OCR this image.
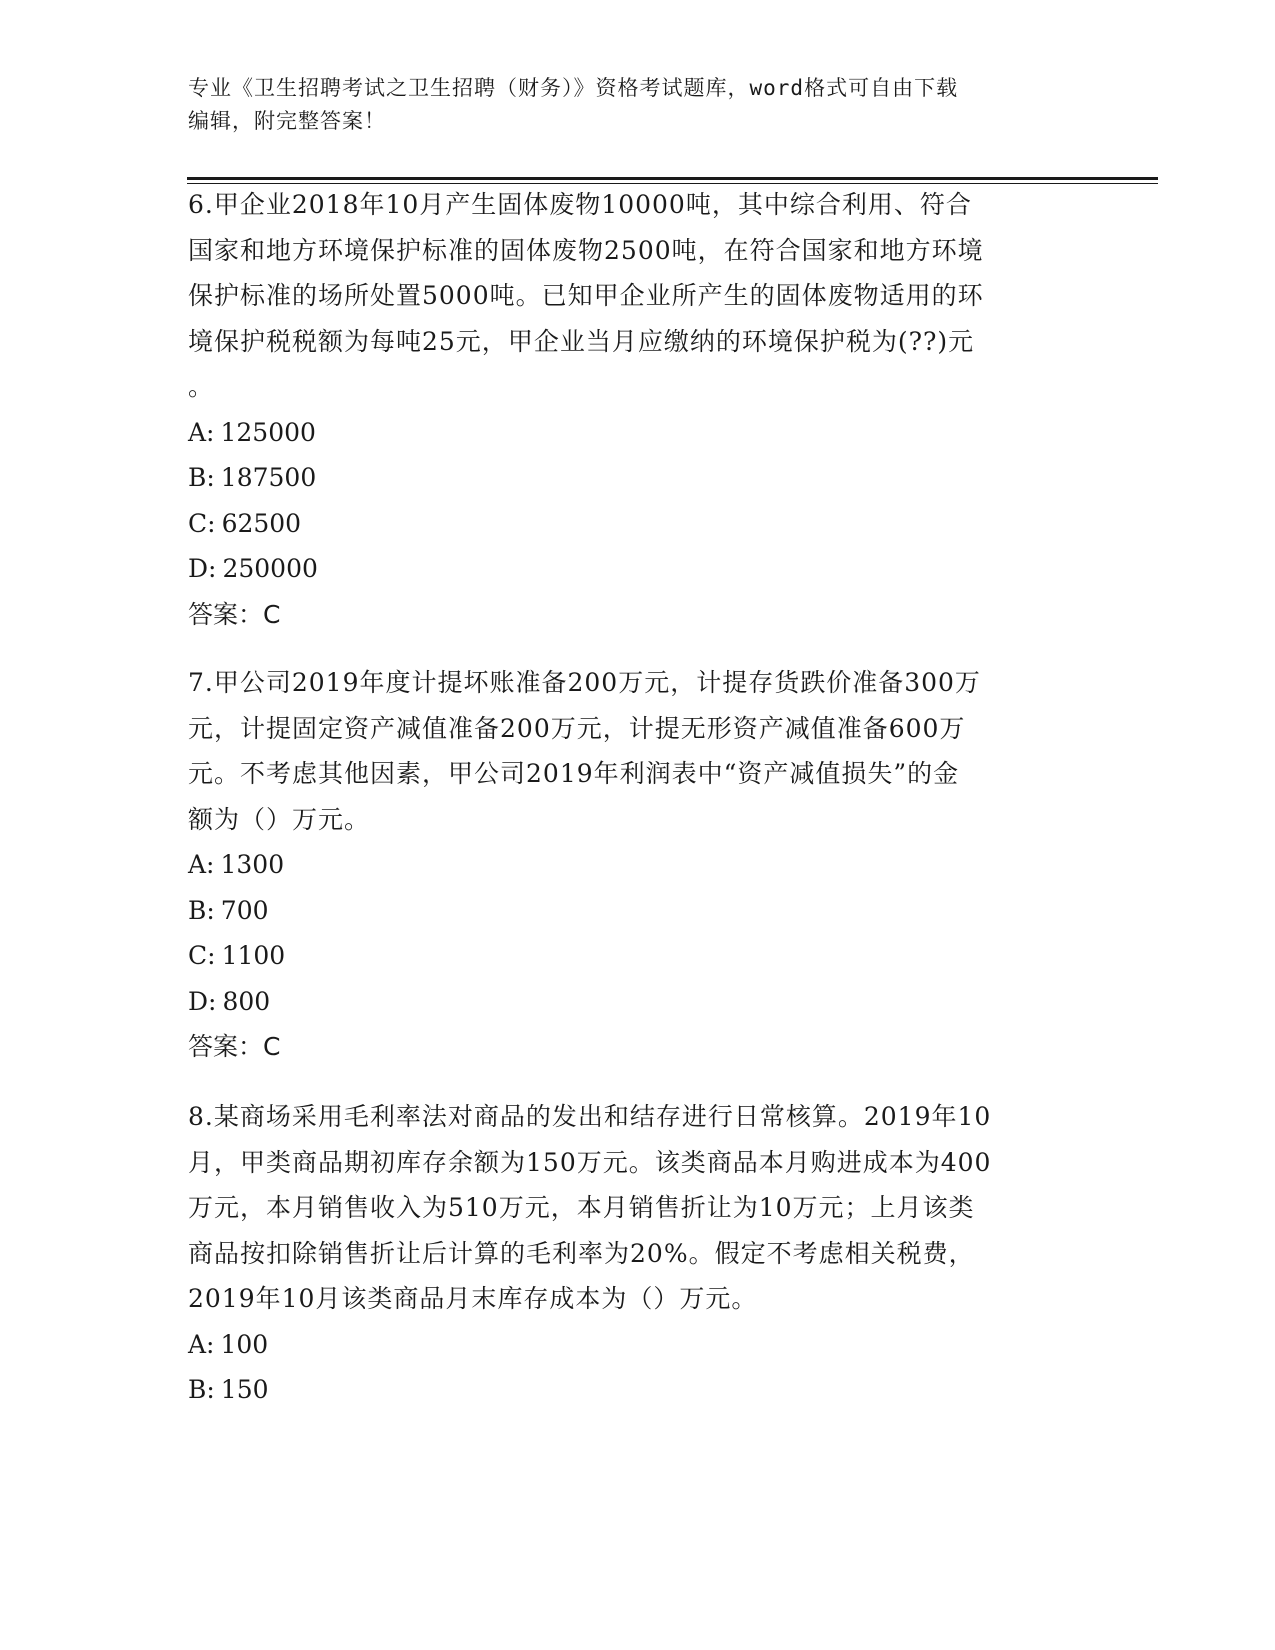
专业《卫生招聘考试之卫生招聘（财务）》资格考试题库，word格式可自由下载
编辑，附完整答案！
6.甲企业2018年10月产生固体废物10000吨，其中综合利用、符合
国家和地方环境保护标准的固体废物2500吨，在符合国家和地方环境
保护标准的场所处置5000吨。已知甲企业所产生的固体废物适用的环
境保护税税额为每吨25元，甲企业当月应缴纳的环境保护税为(??)元
。
A: 125000
B: 187500
C: 62500
D: 250000
答案：C
7.甲公司2019年度计提坏账准备200万元，计提存货跌价准备300万
元，计提固定资产减值准备200万元，计提无形资产减值准备600万
元。不考虑其他因素，甲公司2019年利润表中“资产减值损失”的金
额为（）万元。
A: 1300
B: 700
C: 1100
D: 800
答案：C
8.某商场采用毛利率法对商品的发出和结存进行日常核算。2019年10
月，甲类商品期初库存余额为150万元。该类商品本月购进成本为400
万元，本月销售收入为510万元，本月销售折让为10万元；上月该类
商品按扣除销售折让后计算的毛利率为20%。假定不考虑相关税费，
2019年10月该类商品月末库存成本为（）万元。
A: 100
B: 150
